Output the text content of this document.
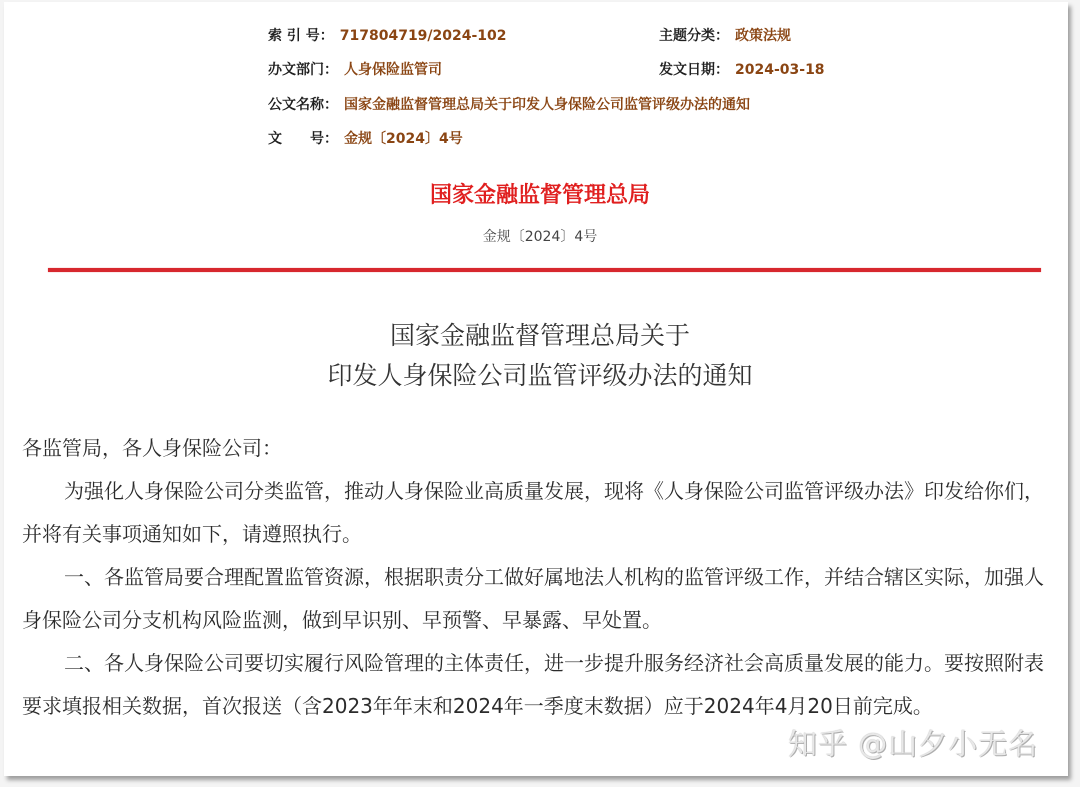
索 引 号： 717804719/2024-102	主题分类： 政策法规
办文部门： 人身保险监管司	发文日期： 2024-03-18
公文名称： 国家金融监督管理总局关于印发人身保险公司监管评级办法的通知
文　　号： 金规〔2024〕4号
国家金融监督管理总局
金规〔2024〕4号
国家金融监督管理总局关于
印发人身保险公司监管评级办法的通知

各监管局，各人身保险公司：

为强化人身保险公司分类监管，推动人身保险业高质量发展，现将《人身保险公司监管评级办法》印发给你们，并将有关事项通知如下，请遵照执行。

一、各监管局要合理配置监管资源，根据职责分工做好属地法人机构的监管评级工作，并结合辖区实际，加强人身保险公司分支机构风险监测，做到早识别、早预警、早暴露、早处置。

二、各人身保险公司要切实履行风险管理的主体责任，进一步提升服务经济社会高质量发展的能力。要按照附表要求填报相关数据，首次报送（含2023年年末和2024年一季度末数据）应于2024年4月20日前完成。

知乎 @山夕小无名
